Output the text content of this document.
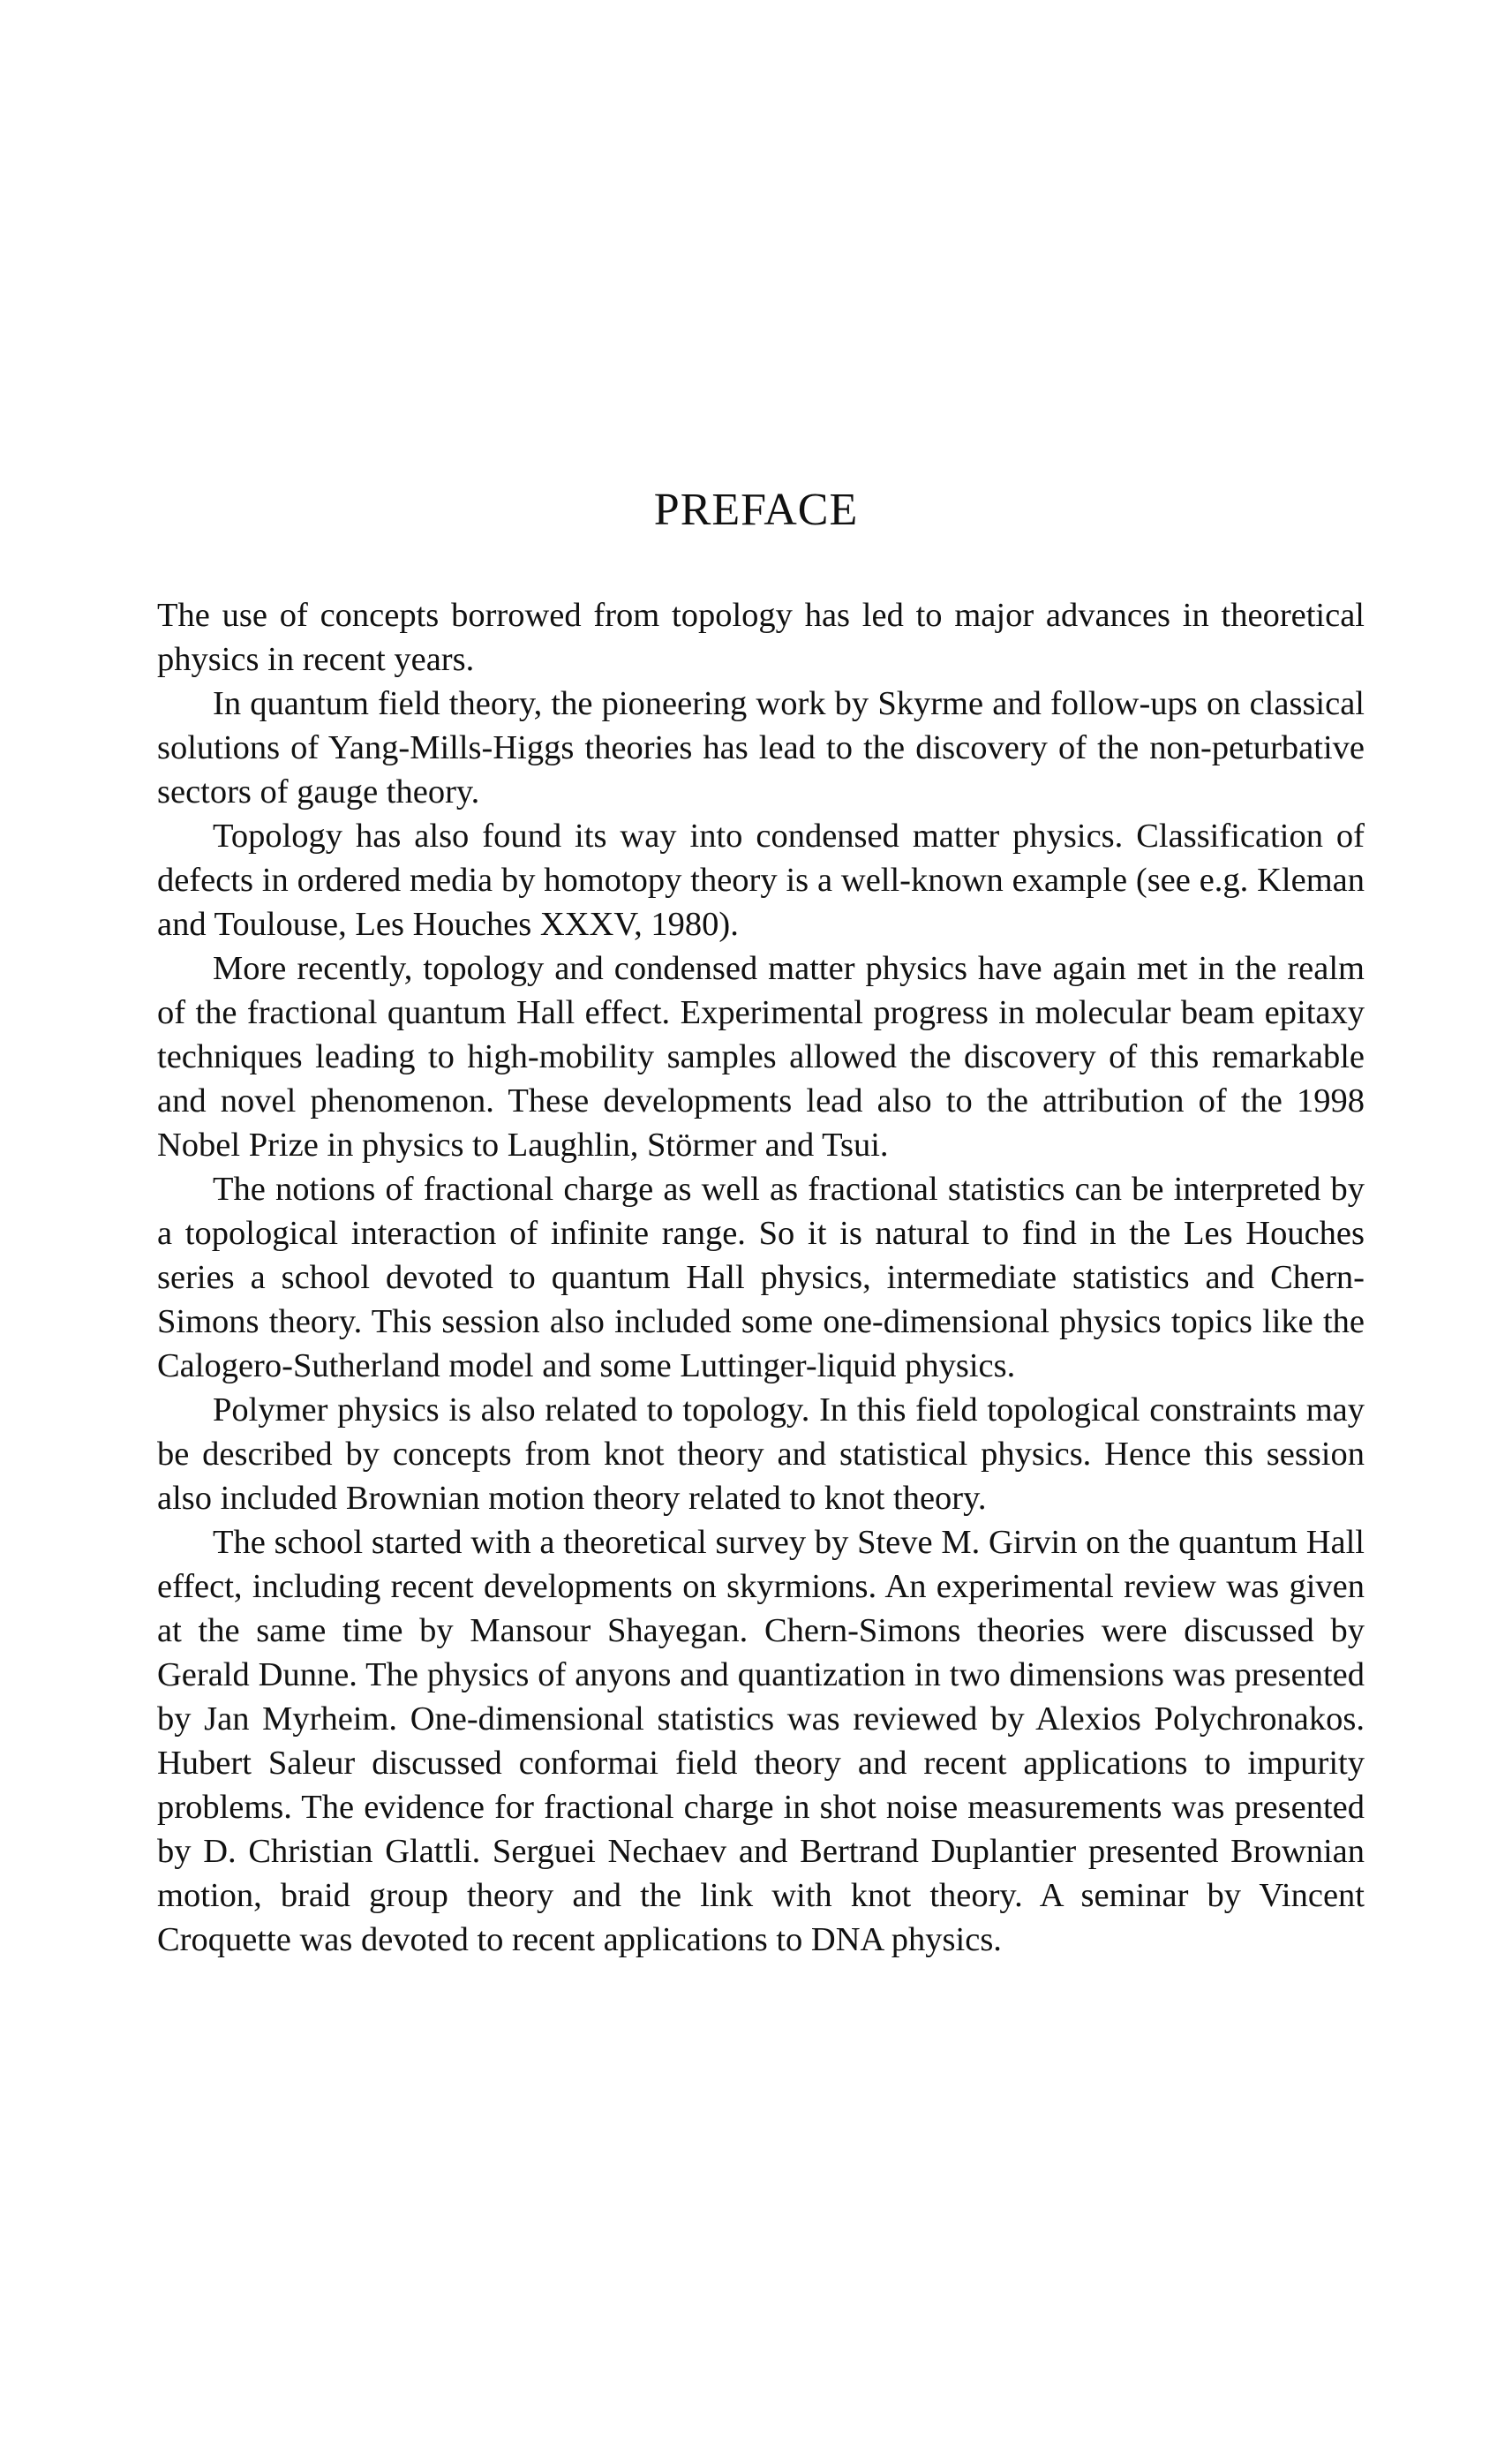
PREFACE

The use of concepts borrowed from topology has led to major advances in theoretical physics in recent years.

In quantum field theory, the pioneering work by Skyrme and follow-ups on classical solutions of Yang-Mills-Higgs theories has lead to the discovery of the non-peturbative sectors of gauge theory.

Topology has also found its way into condensed matter physics. Classification of defects in ordered media by homotopy theory is a well-known example (see e.g. Kleman and Toulouse, Les Houches XXXV, 1980).

More recently, topology and condensed matter physics have again met in the realm of the fractional quantum Hall effect. Experimental progress in molecular beam epitaxy techniques leading to high-mobility samples allowed the discovery of this remarkable and novel phenomenon. These developments lead also to the attribution of the 1998 Nobel Prize in physics to Laughlin, Störmer and Tsui.

The notions of fractional charge as well as fractional statistics can be interpreted by a topological interaction of infinite range. So it is natural to find in the Les Houches series a school devoted to quantum Hall physics, intermediate statistics and Chern-Simons theory. This session also included some one-dimensional physics topics like the Calogero-Sutherland model and some Luttinger-liquid physics.

Polymer physics is also related to topology. In this field topological constraints may be described by concepts from knot theory and statistical physics. Hence this session also included Brownian motion theory related to knot theory.

The school started with a theoretical survey by Steve M. Girvin on the quantum Hall effect, including recent developments on skyrmions. An experimental review was given at the same time by Mansour Shayegan. Chern-Simons theories were discussed by Gerald Dunne. The physics of anyons and quantization in two dimensions was presented by Jan Myrheim. One-dimensional statistics was reviewed by Alexios Polychronakos. Hubert Saleur discussed conformai field theory and recent applications to impurity problems. The evidence for fractional charge in shot noise measurements was presented by D. Christian Glattli. Serguei Nechaev and Bertrand Duplantier presented Brownian motion, braid group theory and the link with knot theory. A seminar by Vincent Croquette was devoted to recent applications to DNA physics.
